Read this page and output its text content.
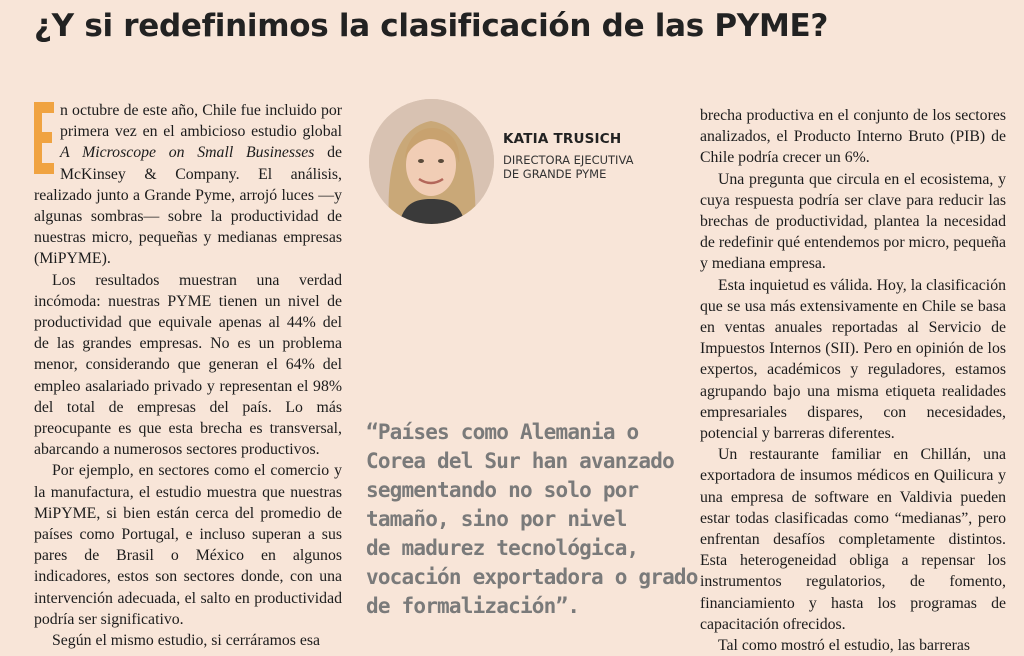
¿Y si redefinimos la clasificación de las PYME?

n octubre de este año, Chile fue incluido por primera vez en el ambicioso estudio global A Microscope on Small Businesses de McKinsey & Company. El análisis, realizado junto a Grande Pyme, arrojó luces —y algunas sombras— sobre la productividad de nuestras micro, pequeñas y medianas empresas (MiPYME).

Los resultados muestran una verdad incómoda: nuestras PYME tienen un nivel de productividad que equivale apenas al 44% del de las grandes empresas. No es un problema menor, considerando que generan el 64% del empleo asalariado privado y representan el 98% del total de empresas del país. Lo más preocupante es que esta brecha es transversal, abarcando a numerosos sectores productivos.

Por ejemplo, en sectores como el comercio y la manufactura, el estudio muestra que nuestras MiPYME, si bien están cerca del promedio de países como Portugal, e incluso superan a sus pares de Brasil o México en algunos indicadores, estos son sectores donde, con una intervención adecuada, el salto en productividad podría ser significativo.

Según el mismo estudio, si cerráramos esa

KATIA TRUSICH
DIRECTORA EJECUTIVA
DE GRANDE PYME
“Países como Alemania o
Corea del Sur han avanzado
segmentando no solo por
tamaño, sino por nivel
de madurez tecnológica,
vocación exportadora o grado
de formalización”.

brecha productiva en el conjunto de los sectores analizados, el Producto Interno Bruto (PIB) de Chile podría crecer un 6%.

Una pregunta que circula en el ecosistema, y cuya respuesta podría ser clave para reducir las brechas de productividad, plantea la necesidad de redefinir qué entendemos por micro, pequeña y mediana empresa.

Esta inquietud es válida. Hoy, la clasificación que se usa más extensivamente en Chile se basa en ventas anuales reportadas al Servicio de Impuestos Internos (SII). Pero en opinión de los expertos, académicos y reguladores, estamos agrupando bajo una misma etiqueta realidades empresariales dispares, con necesidades, potencial y barreras diferentes.

Un restaurante familiar en Chillán, una exportadora de insumos médicos en Quilicura y una empresa de software en Valdivia pueden estar todas clasificadas como “medianas”, pero enfrentan desafíos completamente distintos. Esta heterogeneidad obliga a repensar los instrumentos regulatorios, de fomento, financiamiento y hasta los programas de capacitación ofrecidos.

Tal como mostró el estudio, las barreras
